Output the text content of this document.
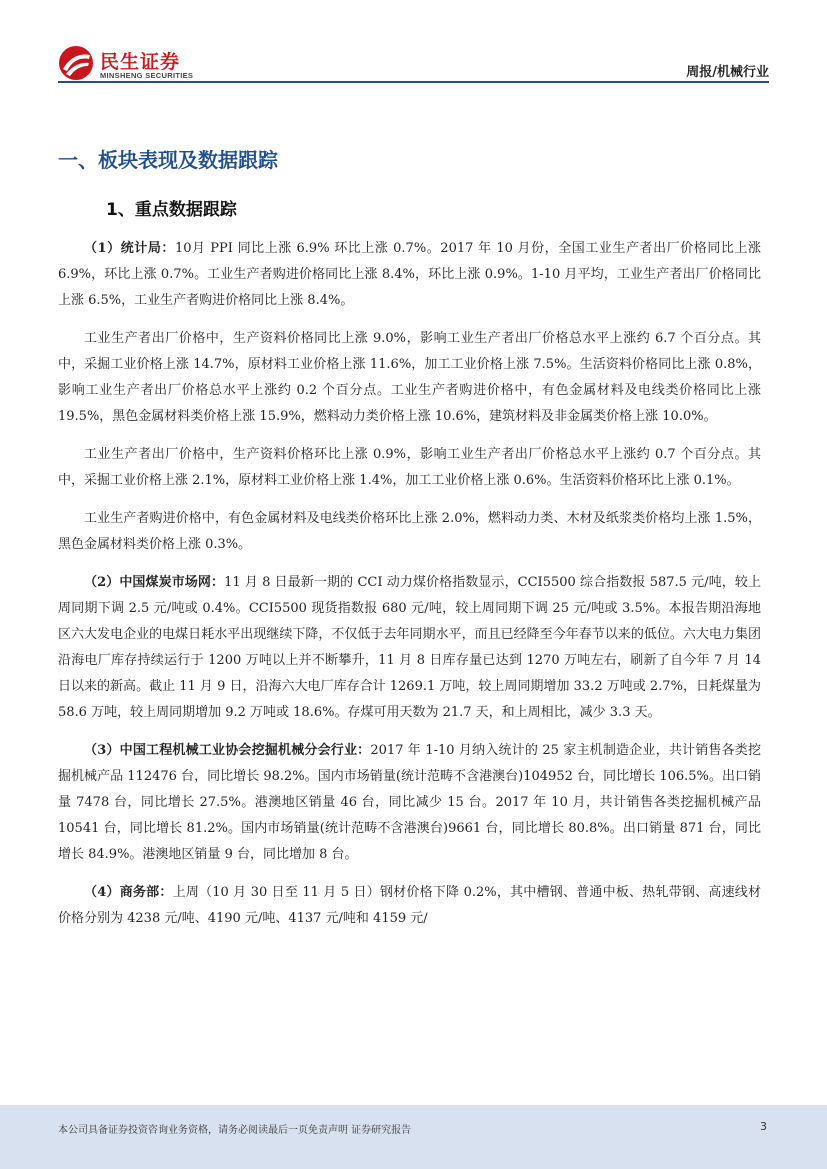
民生证券
MINSHENG SECURITIES	周报/机械行业
一、板块表现及数据跟踪
1、重点数据跟踪

（1）统计局：10月 PPI 同比上涨 6.9% 环比上涨 0.7%。2017 年 10 月份，全国工业生产者出厂价格同比上涨 6.9%，环比上涨 0.7%。工业生产者购进价格同比上涨 8.4%，环比上涨 0.9%。1-10 月平均，工业生产者出厂价格同比上涨 6.5%，工业生产者购进价格同比上涨 8.4%。

工业生产者出厂价格中，生产资料价格同比上涨 9.0%，影响工业生产者出厂价格总水平上涨约 6.7 个百分点。其中，采掘工业价格上涨 14.7%，原材料工业价格上涨 11.6%，加工工业价格上涨 7.5%。生活资料价格同比上涨 0.8%，影响工业生产者出厂价格总水平上涨约 0.2 个百分点。工业生产者购进价格中，有色金属材料及电线类价格同比上涨 19.5%，黑色金属材料类价格上涨 15.9%，燃料动力类价格上涨 10.6%，建筑材料及非金属类价格上涨 10.0%。

工业生产者出厂价格中，生产资料价格环比上涨 0.9%，影响工业生产者出厂价格总水平上涨约 0.7 个百分点。其中，采掘工业价格上涨 2.1%，原材料工业价格上涨 1.4%，加工工业价格上涨 0.6%。生活资料价格环比上涨 0.1%。

工业生产者购进价格中，有色金属材料及电线类价格环比上涨 2.0%，燃料动力类、木材及纸浆类价格均上涨 1.5%，黑色金属材料类价格上涨 0.3%。

（2）中国煤炭市场网：11 月 8 日最新一期的 CCI 动力煤价格指数显示，CCI5500 综合指数报 587.5 元/吨，较上周同期下调 2.5 元/吨或 0.4%。CCI5500 现货指数报 680 元/吨，较上周同期下调 25 元/吨或 3.5%。本报告期沿海地区六大发电企业的电煤日耗水平出现继续下降，不仅低于去年同期水平，而且已经降至今年春节以来的低位。六大电力集团沿海电厂库存持续运行于 1200 万吨以上并不断攀升，11 月 8 日库存量已达到 1270 万吨左右，刷新了自今年 7 月 14 日以来的新高。截止 11 月 9 日，沿海六大电厂库存合计 1269.1 万吨，较上周同期增加 33.2 万吨或 2.7%，日耗煤量为 58.6 万吨，较上周同期增加 9.2 万吨或 18.6%。存煤可用天数为 21.7 天，和上周相比，减少 3.3 天。

（3）中国工程机械工业协会挖掘机械分会行业：2017 年 1-10 月纳入统计的 25 家主机制造企业，共计销售各类挖掘机械产品 112476 台，同比增长 98.2%。国内市场销量(统计范畴不含港澳台)104952 台，同比增长 106.5%。出口销量 7478 台，同比增长 27.5%。港澳地区销量 46 台，同比减少 15 台。2017 年 10 月，共计销售各类挖掘机械产品 10541 台，同比增长 81.2%。国内市场销量(统计范畴不含港澳台)9661 台，同比增长 80.8%。出口销量 871 台，同比增长 84.9%。港澳地区销量 9 台，同比增加 8 台。

（4）商务部：上周（10 月 30 日至 11 月 5 日）钢材价格下降 0.2%，其中槽钢、普通中板、热轧带钢、高速线材价格分别为 4238 元/吨、4190 元/吨、4137 元/吨和 4159 元/

本公司具备证券投资咨询业务资格，请务必阅读最后一页免责声明 证券研究报告	3
